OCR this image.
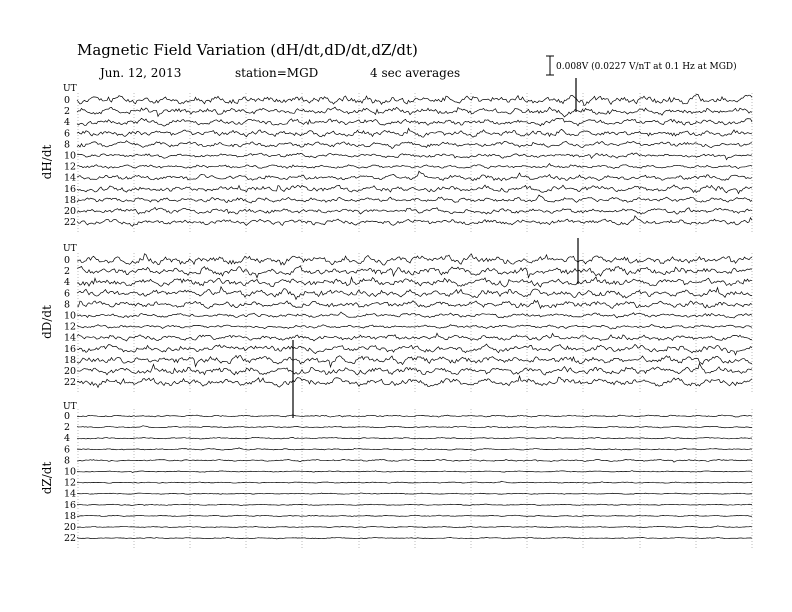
Magnetic Field Variation (dH/dt,dD/dt,dZ/dt)
Jun. 12, 2013	station=MGD	4 sec averages	0.008V (0.0227 V/nT at 0.1 Hz at MGD)
UT
dH/dt
0
2
4
6
8
10
12
14
16
18
20
22
UT
dD/dt
0
2
4
6
8
10
12
14
16
18
20
22
UT
dZ/dt
0
2
4
6
8
10
12
14
16
18
20
22
